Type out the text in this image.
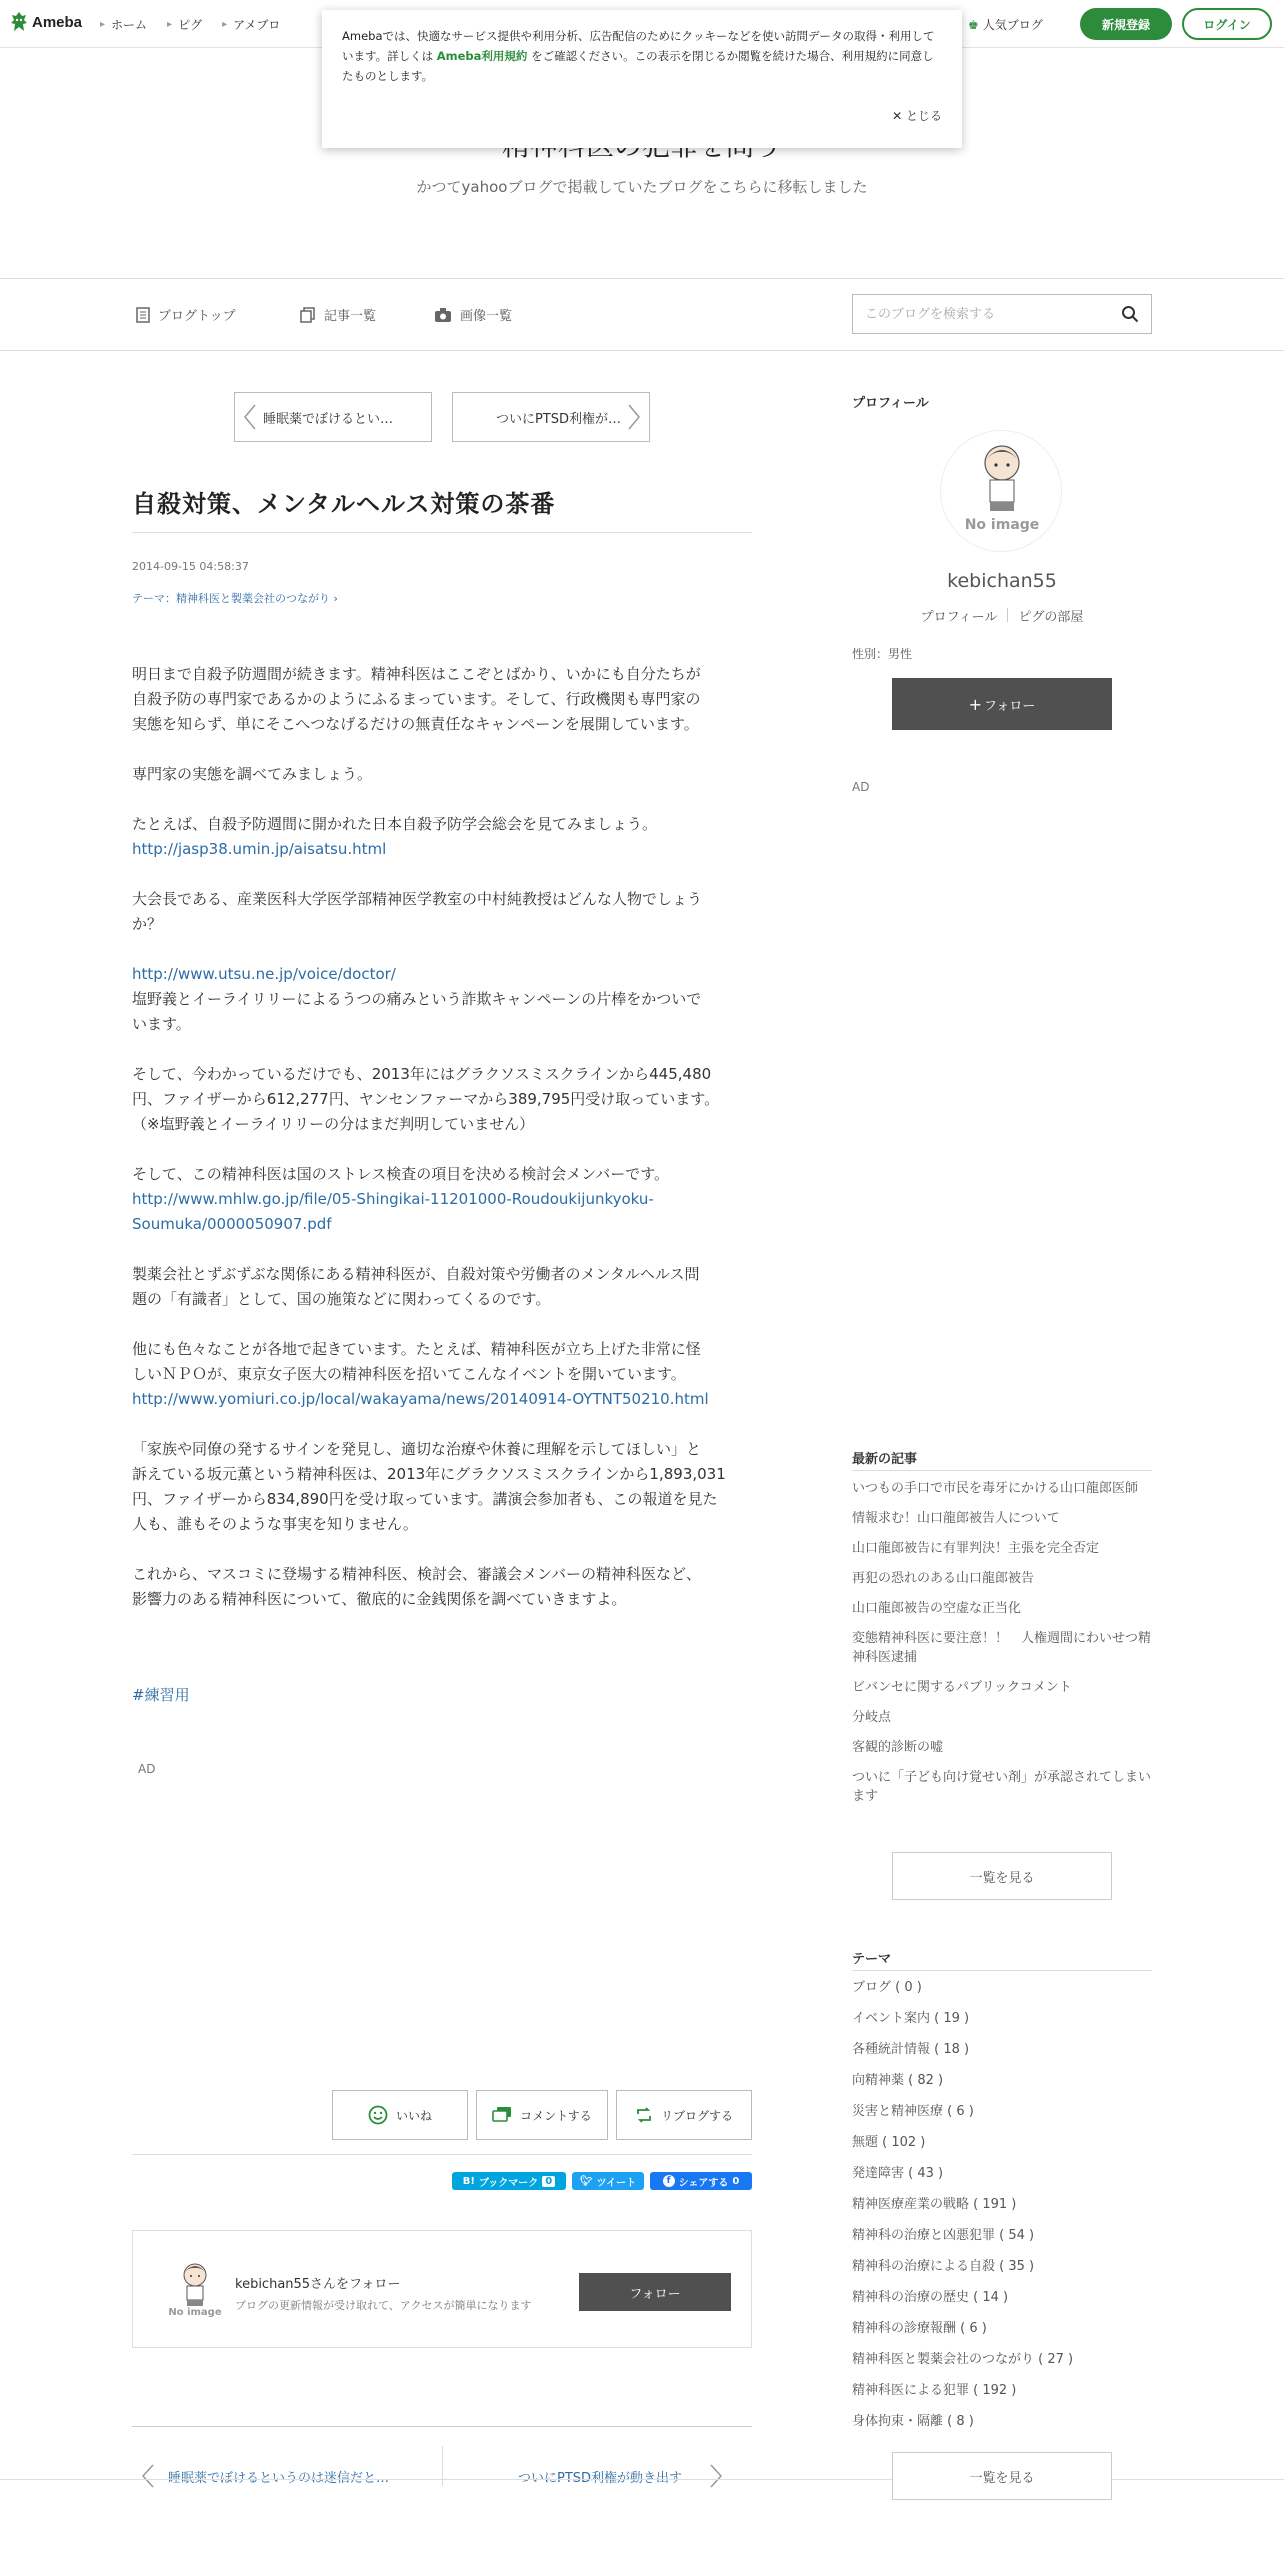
Ameba ▸ ホーム ▸ ピグ ▸ アメブロ	♚ 人気ブログ	新規登録	ログイン
Amebaでは、快適なサービス提供や利用分析、広告配信のためにクッキーなどを使い訪問データの取得・利用しています。詳しくは Ameba利用規約 をご確認ください。この表示を閉じるか閲覧を続けた場合、利用規約に同意したものとします。
✕ とじる
かつてyahooブログで掲載していたブログをこちらに移転しました
ブログトップ	記事一覧	画像一覧
このブログを検索する
睡眠薬でぼけるとい…	ついにPTSD利権が…
自殺対策、メンタルヘルス対策の茶番
2014-09-15 04:58:37
テーマ：精神科医と製薬会社のつながり ›

明日まで自殺予防週間が続きます。精神科医はここぞとばかり、いかにも自分たちが
自殺予防の専門家であるかのようにふるまっています。そして、行政機関も専門家の
実態を知らず、単にそこへつなげるだけの無責任なキャンペーンを展開しています。

専門家の実態を調べてみましょう。

たとえば、自殺予防週間に開かれた日本自殺予防学会総会を見てみましょう。
http://jasp38.umin.jp/aisatsu.html

大会長である、産業医科大学医学部精神医学教室の中村純教授はどんな人物でしょう
か？

http://www.utsu.ne.jp/voice/doctor/
塩野義とイーライリリーによるうつの痛みという詐欺キャンペーンの片棒をかついで
います。

そして、今わかっているだけでも、2013年にはグラクソスミスクラインから445,480
円、ファイザーから612,277円、ヤンセンファーマから389,795円受け取っています。
（※塩野義とイーライリリーの分はまだ判明していません）

そして、この精神科医は国のストレス検査の項目を決める検討会メンバーです。
http://www.mhlw.go.jp/file/05-Shingikai-11201000-Roudoukijunkyoku-
Soumuka/0000050907.pdf

製薬会社とずぶずぶな関係にある精神科医が、自殺対策や労働者のメンタルヘルス問
題の「有識者」として、国の施策などに関わってくるのです。

他にも色々なことが各地で起きています。たとえば、精神科医が立ち上げた非常に怪
しいＮＰＯが、東京女子医大の精神科医を招いてこんなイベントを開いています。
http://www.yomiuri.co.jp/local/wakayama/news/20140914-OYTNT50210.html

「家族や同僚の発するサインを発見し、適切な治療や休養に理解を示してほしい」と
訴えている坂元薫という精神科医は、2013年にグラクソスミスクラインから1,893,031
円、ファイザーから834,890円を受け取っています。講演会参加者も、この報道を見た
人も、誰もそのような事実を知りません。

これから、マスコミに登場する精神科医、検討会、審議会メンバーの精神科医など、
影響力のある精神科医について、徹底的に金銭関係を調べていきますよ。

#練習用
AD
いいね	コメントする	リブログする
B! ブックマーク 0	🐦︎ ツイート	f シェアする 0
No image
kebichan55さんをフォロー
ブログの更新情報が受け取れて、アクセスが簡単になります
フォロー
睡眠薬でぼけるというのは迷信だと…	ついにPTSD利権が動き出す
プロフィール
No image
kebichan55
プロフィール ピグの部屋
性別：男性
+ フォロー
AD
最新の記事
いつもの手口で市民を毒牙にかける山口龍郎医師
情報求む！山口龍郎被告人について
山口龍郎被告に有罪判決！主張を完全否定
再犯の恐れのある山口龍郎被告
山口龍郎被告の空虚な正当化
変態精神科医に要注意！！　人権週間にわいせつ精神科医逮捕
ビバンセに関するパブリックコメント
分岐点
客観的診断の嘘
ついに「子ども向け覚せい剤」が承認されてしまいます
一覧を見る
テーマ
ブログ ( 0 )
イベント案内 ( 19 )
各種統計情報 ( 18 )
向精神薬 ( 82 )
災害と精神医療 ( 6 )
無題 ( 102 )
発達障害 ( 43 )
精神医療産業の戦略 ( 191 )
精神科の治療と凶悪犯罪 ( 54 )
精神科の治療による自殺 ( 35 )
精神科の治療の歴史 ( 14 )
精神科の診療報酬 ( 6 )
精神科医と製薬会社のつながり ( 27 )
精神科医による犯罪 ( 192 )
身体拘束・隔離 ( 8 )
一覧を見る
